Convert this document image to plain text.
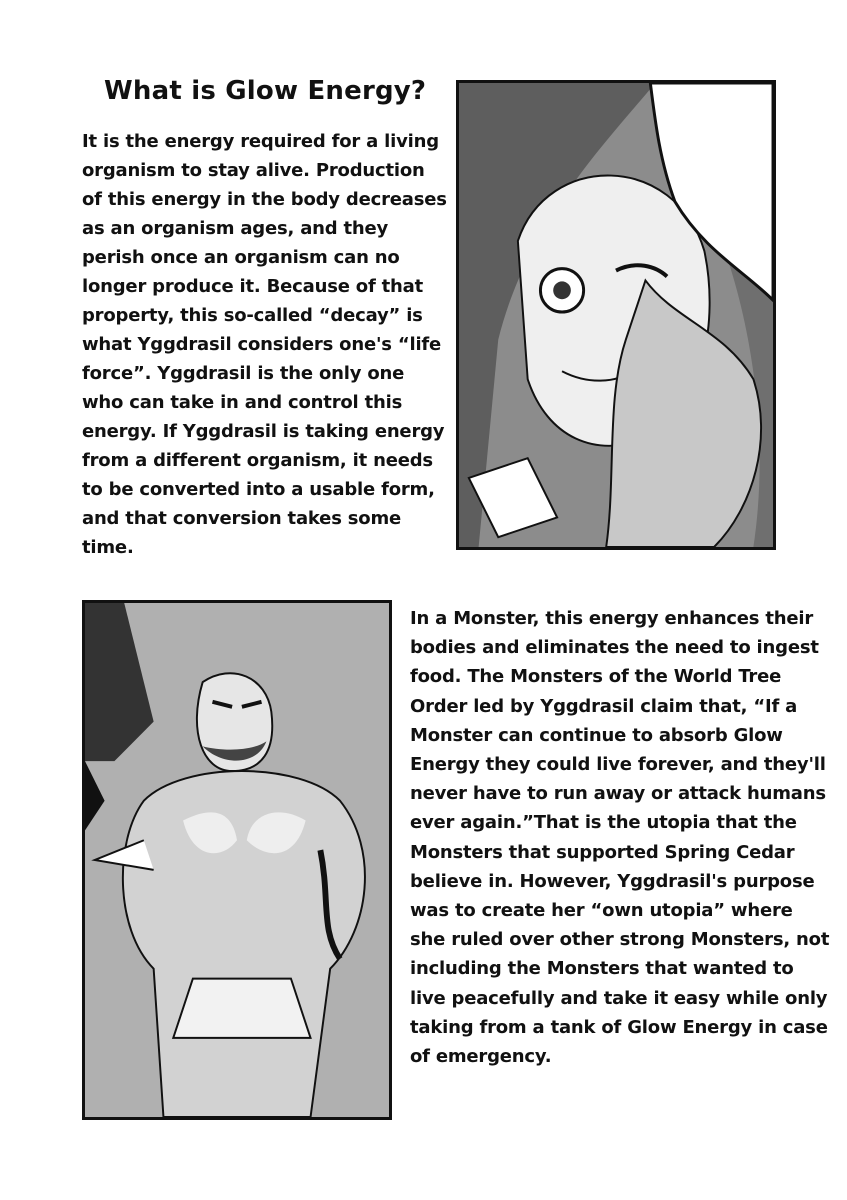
What is Glow Energy?

It is the energy required for a living organism to stay alive. Production of this energy in the body decreases as an organism ages, and they perish once an organism can no longer produce it. Because of that property, this so-called “decay” is what Yggdrasil considers one's “life force”. Yggdrasil is the only one who can take in and control this energy. If Yggdrasil is taking energy from a different organism, it needs to be converted into a usable form, and that conversion takes some time.

In a Monster, this energy enhances their bodies and eliminates the need to ingest food. The Monsters of the World Tree Order led by Yggdrasil claim that, “If a Monster can continue to absorb Glow Energy they could live forever, and they'll never have to run away or attack humans ever again.”That is the utopia that the Monsters that supported Spring Cedar believe in. However, Yggdrasil's purpose was to create her “own utopia” where she ruled over other strong Monsters, not including the Monsters that wanted to live peacefully and take it easy while only taking from a tank of Glow Energy in case of emergency.
